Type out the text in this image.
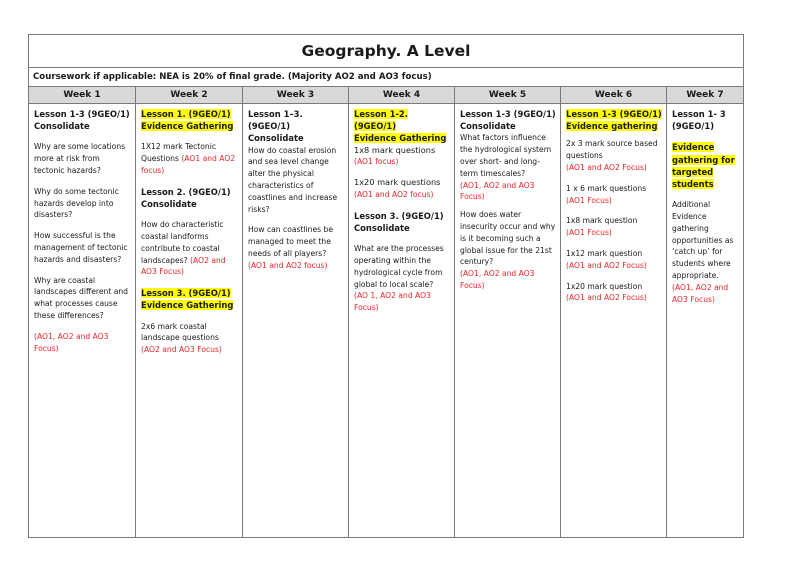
Geography. A Level
Coursework if applicable: NEA is 20% of final grade. (Majority AO2 and AO3 focus)
Week 1

Lesson 1-3 (9GEO/1)

Consolidate

Why are some locations more at risk from tectonic hazards?

Why do some tectonic hazards develop into disasters?

How successful is the management of tectonic hazards and disasters?

Why are coastal landscapes different and what processes cause these differences?

(AO1, AO2 and AO3 Focus)

Week 2

Lesson 1. (9GEO/1)

Evidence Gathering

1X12 mark Tectonic Questions (AO1 and AO2 focus)

Lesson 2. (9GEO/1)

Consolidate

How do characteristic coastal landforms contribute to coastal landscapes? (AO2 and AO3 Focus)

Lesson 3. (9GEO/1)

Evidence Gathering

2x6 mark coastal landscape questions

(AO2 and AO3 Focus)

Week 3

Lesson 1–3. (9GEO/1)

Consolidate

How do coastal erosion and sea level change alter the physical characteristics of coastlines and increase risks?

How can coastlines be managed to meet the needs of all players?

(AO1 and AO2 focus)

Week 4

Lesson 1-2. (9GEO/1)

Evidence Gathering

1x8 mark questions

(AO1 focus)

1x20 mark questions

(AO1 and AO2 focus)

Lesson 3. (9GEO/1)

Consolidate

What are the processes operating within the hydrological cycle from global to local scale?

(AO 1, AO2 and AO3 Focus)

Week 5

Lesson 1-3 (9GEO/1)

Consolidate

What factors influence the hydrological system over short- and long-term timescales?

(AO1, AO2 and AO3 Focus)

How does water insecurity occur and why is it becoming such a global issue for the 21st century?

(AO1, AO2 and AO3 Focus)

Week 6

Lesson 1-3 (9GEO/1)

Evidence gathering

2x 3 mark source based questions

(AO1 and AO2 Focus)

1 x 6 mark questions

(AO1 Focus)

1x8 mark question

(AO1 Focus)

1x12 mark question

(AO1 and AO2 Focus)

1x20 mark question

(AO1 and AO2 Focus)

Week 7

Lesson 1- 3 (9GEO/1)

Evidence gathering for targeted students

Additional Evidence gathering opportunities as ‘catch up’ for students where appropriate.

(AO1, AO2 and AO3 Focus)
